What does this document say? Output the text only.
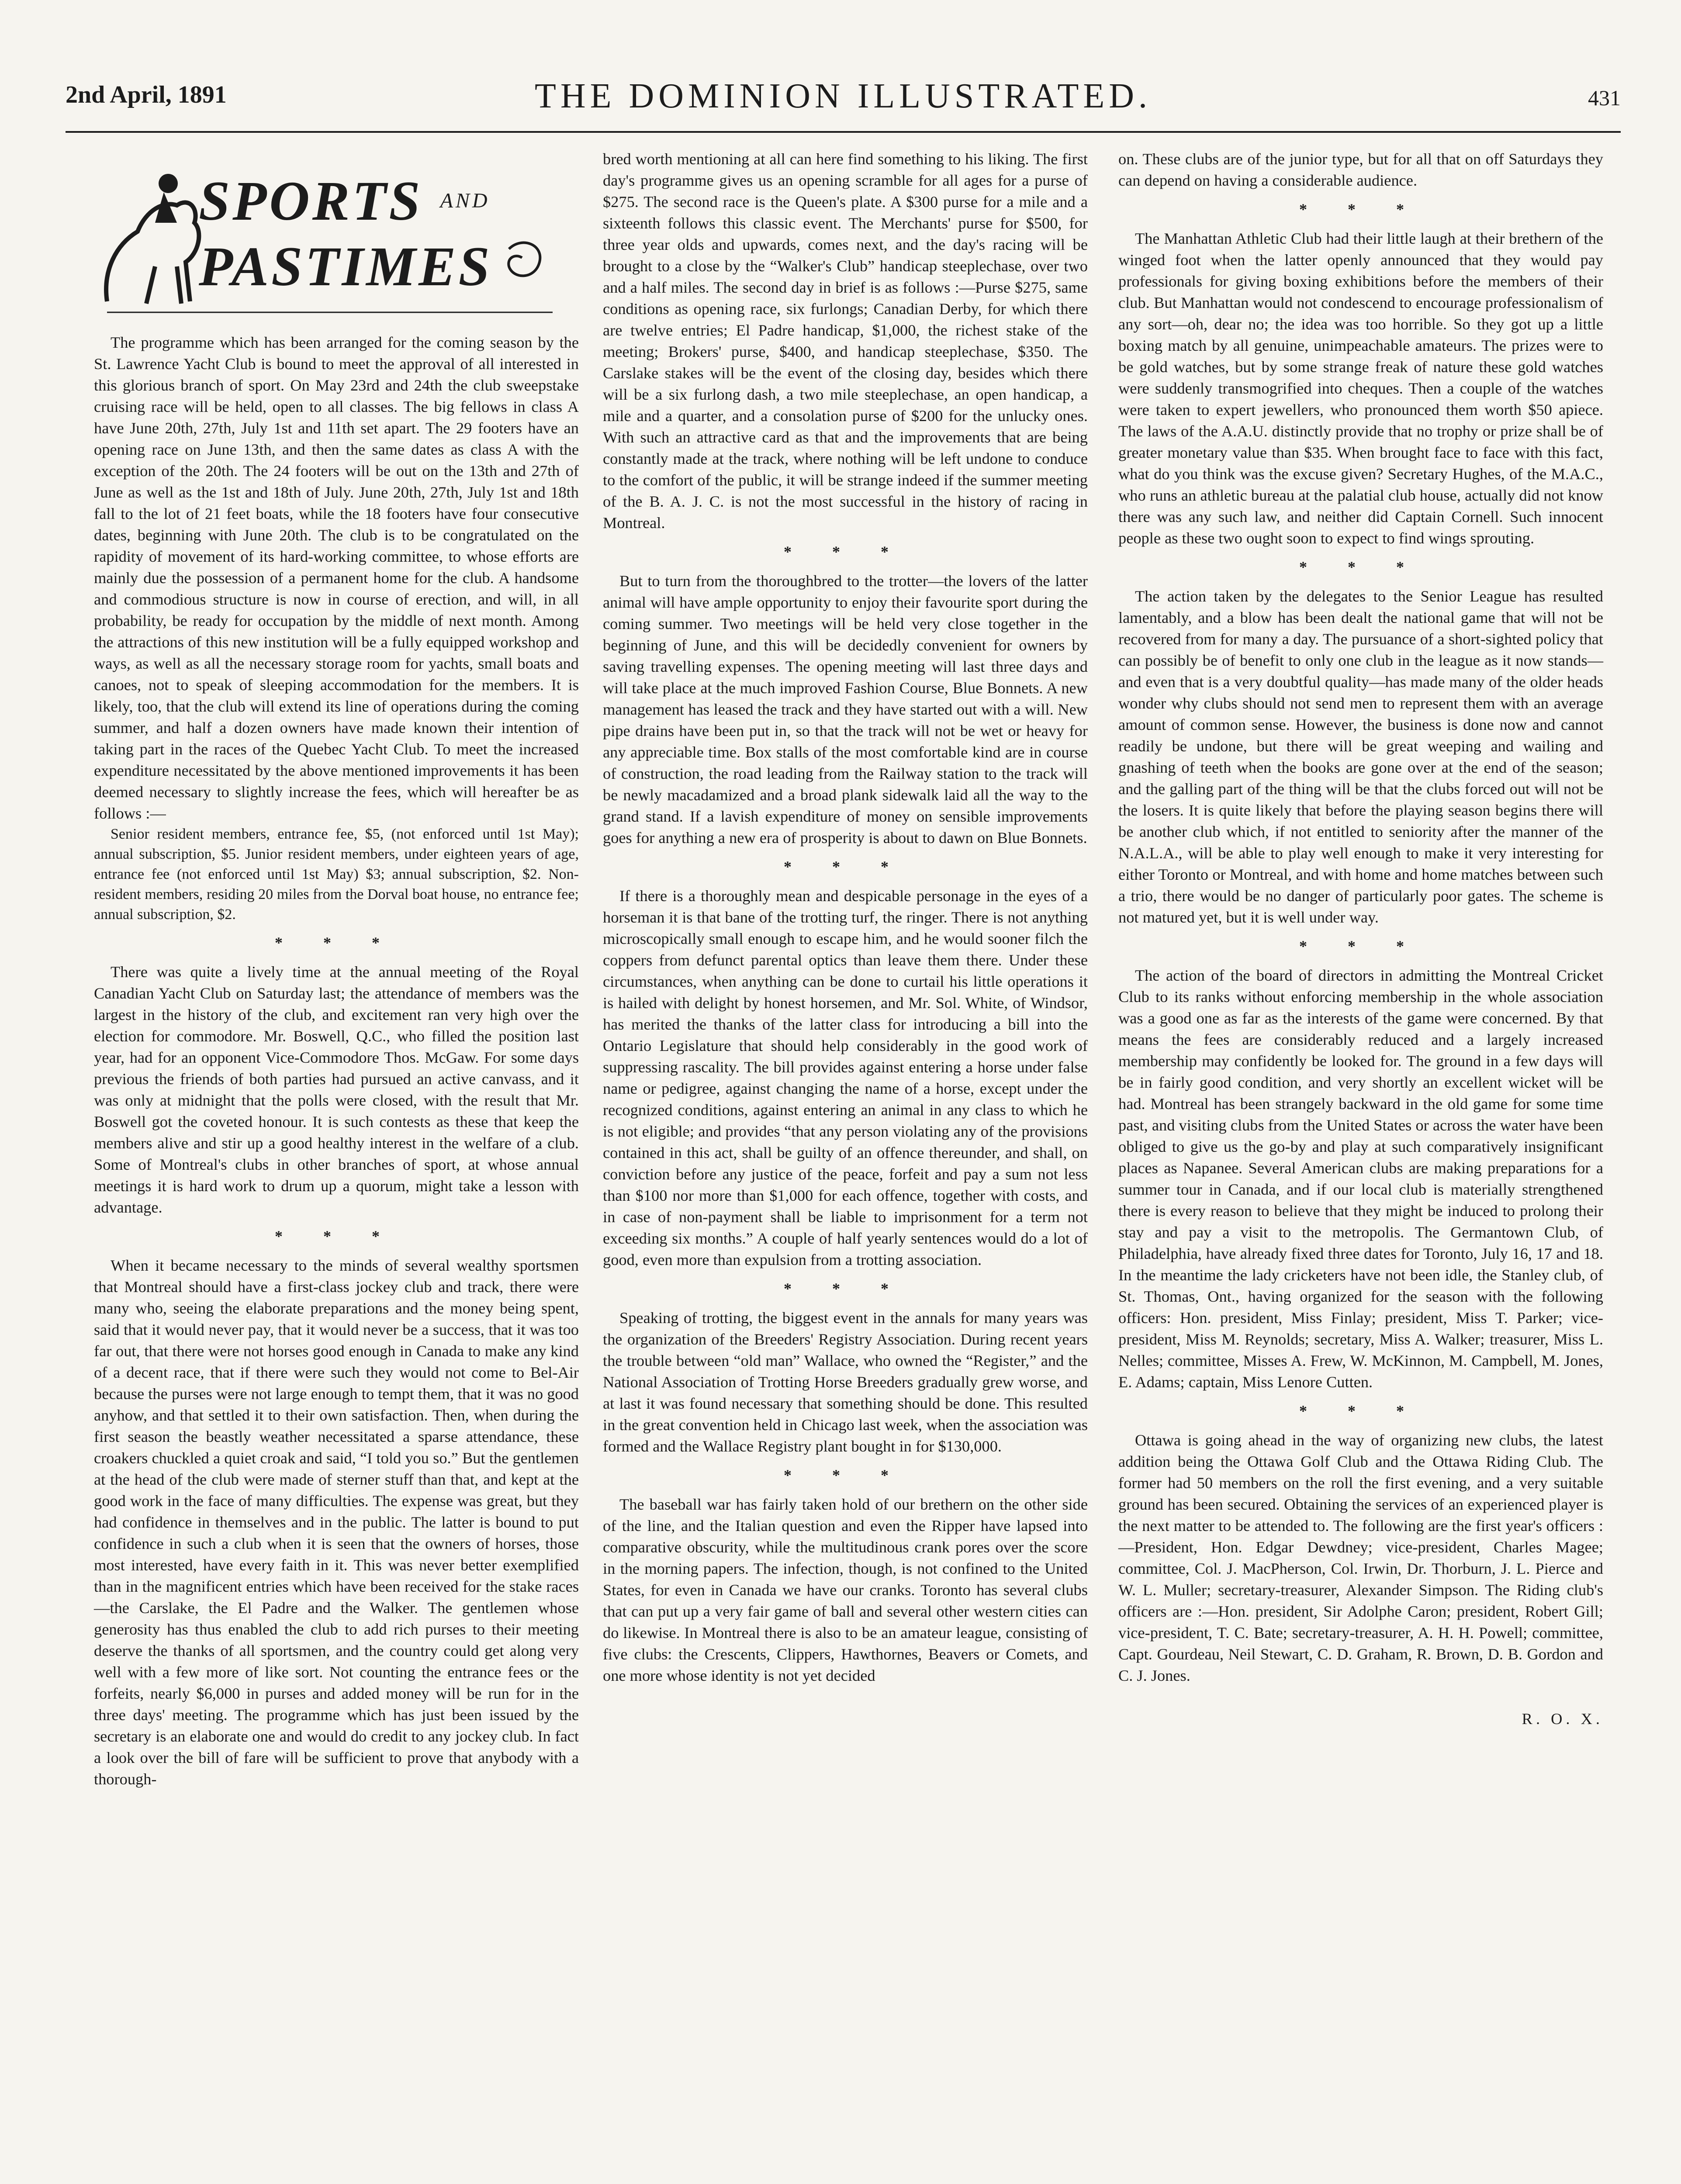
2nd April, 1891	THE DOMINION ILLUSTRATED.	431
SPORTS $^{AND}$
PASTIMES

The programme which has been arranged for the coming season by the St. Lawrence Yacht Club is bound to meet the approval of all interested in this glorious branch of sport. On May 23rd and 24th the club sweepstake cruising race will be held, open to all classes. The big fellows in class A have June 20th, 27th, July 1st and 11th set apart. The 29 footers have an opening race on June 13th, and then the same dates as class A with the exception of the 20th. The 24 footers will be out on the 13th and 27th of June as well as the 1st and 18th of July. June 20th, 27th, July 1st and 18th fall to the lot of 21 feet boats, while the 18 footers have four consecutive dates, beginning with June 20th. The club is to be congratulated on the rapidity of movement of its hard-working committee, to whose efforts are mainly due the possession of a permanent home for the club. A handsome and commodious structure is now in course of erection, and will, in all probability, be ready for occupation by the middle of next month. Among the attractions of this new institution will be a fully equipped workshop and ways, as well as all the necessary storage room for yachts, small boats and canoes, not to speak of sleeping accommodation for the members. It is likely, too, that the club will extend its line of operations during the coming summer, and half a dozen owners have made known their intention of taking part in the races of the Quebec Yacht Club. To meet the increased expenditure necessitated by the above mentioned improvements it has been deemed necessary to slightly increase the fees, which will hereafter be as follows :—

Senior resident members, entrance fee, $5, (not enforced until 1st May); annual subscription, $5. Junior resident members, under eighteen years of age, entrance fee (not enforced until 1st May) $3; annual subscription, $2. Non-resident members, residing 20 miles from the Dorval boat house, no entrance fee; annual subscription, $2.

* * *

There was quite a lively time at the annual meeting of the Royal Canadian Yacht Club on Saturday last; the attendance of members was the largest in the history of the club, and excitement ran very high over the election for commodore. Mr. Boswell, Q.C., who filled the position last year, had for an opponent Vice-Commodore Thos. McGaw. For some days previous the friends of both parties had pursued an active canvass, and it was only at midnight that the polls were closed, with the result that Mr. Boswell got the coveted honour. It is such contests as these that keep the members alive and stir up a good healthy interest in the welfare of a club. Some of Montreal's clubs in other branches of sport, at whose annual meetings it is hard work to drum up a quorum, might take a lesson with advantage.

* * *

When it became necessary to the minds of several wealthy sportsmen that Montreal should have a first-class jockey club and track, there were many who, seeing the elaborate preparations and the money being spent, said that it would never pay, that it would never be a success, that it was too far out, that there were not horses good enough in Canada to make any kind of a decent race, that if there were such they would not come to Bel-Air because the purses were not large enough to tempt them, that it was no good anyhow, and that settled it to their own satisfaction. Then, when during the first season the beastly weather necessitated a sparse attendance, these croakers chuckled a quiet croak and said, “I told you so.” But the gentlemen at the head of the club were made of sterner stuff than that, and kept at the good work in the face of many difficulties. The expense was great, but they had confidence in themselves and in the public. The latter is bound to put confidence in such a club when it is seen that the owners of horses, those most interested, have every faith in it. This was never better exemplified than in the magnificent entries which have been received for the stake races—the Carslake, the El Padre and the Walker. The gentlemen whose generosity has thus enabled the club to add rich purses to their meeting deserve the thanks of all sportsmen, and the country could get along very well with a few more of like sort. Not counting the entrance fees or the forfeits, nearly $6,000 in purses and added money will be run for in the three days' meeting. The programme which has just been issued by the secretary is an elaborate one and would do credit to any jockey club. In fact a look over the bill of fare will be sufficient to prove that anybody with a thorough-

bred worth mentioning at all can here find something to his liking. The first day's programme gives us an opening scramble for all ages for a purse of $275. The second race is the Queen's plate. A $300 purse for a mile and a sixteenth follows this classic event. The Merchants' purse for $500, for three year olds and upwards, comes next, and the day's racing will be brought to a close by the “Walker's Club” handicap steeplechase, over two and a half miles. The second day in brief is as follows :—Purse $275, same conditions as opening race, six furlongs; Canadian Derby, for which there are twelve entries; El Padre handicap, $1,000, the richest stake of the meeting; Brokers' purse, $400, and handicap steeplechase, $350. The Carslake stakes will be the event of the closing day, besides which there will be a six furlong dash, a two mile steeplechase, an open handicap, a mile and a quarter, and a consolation purse of $200 for the unlucky ones. With such an attractive card as that and the improvements that are being constantly made at the track, where nothing will be left undone to conduce to the comfort of the public, it will be strange indeed if the summer meeting of the B. A. J. C. is not the most successful in the history of racing in Montreal.

* * *

But to turn from the thoroughbred to the trotter—the lovers of the latter animal will have ample opportunity to enjoy their favourite sport during the coming summer. Two meetings will be held very close together in the beginning of June, and this will be decidedly convenient for owners by saving travelling expenses. The opening meeting will last three days and will take place at the much improved Fashion Course, Blue Bonnets. A new management has leased the track and they have started out with a will. New pipe drains have been put in, so that the track will not be wet or heavy for any appreciable time. Box stalls of the most comfortable kind are in course of construction, the road leading from the Railway station to the track will be newly macadamized and a broad plank sidewalk laid all the way to the grand stand. If a lavish expenditure of money on sensible improvements goes for anything a new era of prosperity is about to dawn on Blue Bonnets.

* * *

If there is a thoroughly mean and despicable personage in the eyes of a horseman it is that bane of the trotting turf, the ringer. There is not anything microscopically small enough to escape him, and he would sooner filch the coppers from defunct parental optics than leave them there. Under these circumstances, when anything can be done to curtail his little operations it is hailed with delight by honest horsemen, and Mr. Sol. White, of Windsor, has merited the thanks of the latter class for introducing a bill into the Ontario Legislature that should help considerably in the good work of suppressing rascality. The bill provides against entering a horse under false name or pedigree, against changing the name of a horse, except under the recognized conditions, against entering an animal in any class to which he is not eligible; and provides “that any person violating any of the provisions contained in this act, shall be guilty of an offence thereunder, and shall, on conviction before any justice of the peace, forfeit and pay a sum not less than $100 nor more than $1,000 for each offence, together with costs, and in case of non-payment shall be liable to imprisonment for a term not exceeding six months.” A couple of half yearly sentences would do a lot of good, even more than expulsion from a trotting association.

* * *

Speaking of trotting, the biggest event in the annals for many years was the organization of the Breeders' Registry Association. During recent years the trouble between “old man” Wallace, who owned the “Register,” and the National Association of Trotting Horse Breeders gradually grew worse, and at last it was found necessary that something should be done. This resulted in the great convention held in Chicago last week, when the association was formed and the Wallace Registry plant bought in for $130,000.

* * *

The baseball war has fairly taken hold of our brethern on the other side of the line, and the Italian question and even the Ripper have lapsed into comparative obscurity, while the multitudinous crank pores over the score in the morning papers. The infection, though, is not confined to the United States, for even in Canada we have our cranks. Toronto has several clubs that can put up a very fair game of ball and several other western cities can do likewise. In Montreal there is also to be an amateur league, consisting of five clubs: the Crescents, Clippers, Hawthornes, Beavers or Comets, and one more whose identity is not yet decided

on. These clubs are of the junior type, but for all that on off Saturdays they can depend on having a considerable audience.

* * *

The Manhattan Athletic Club had their little laugh at their brethern of the winged foot when the latter openly announced that they would pay professionals for giving boxing exhibitions before the members of their club. But Manhattan would not condescend to encourage professionalism of any sort—oh, dear no; the idea was too horrible. So they got up a little boxing match by all genuine, unimpeachable amateurs. The prizes were to be gold watches, but by some strange freak of nature these gold watches were suddenly transmogrified into cheques. Then a couple of the watches were taken to expert jewellers, who pronounced them worth $50 apiece. The laws of the A.A.U. distinctly provide that no trophy or prize shall be of greater monetary value than $35. When brought face to face with this fact, what do you think was the excuse given? Secretary Hughes, of the M.A.C., who runs an athletic bureau at the palatial club house, actually did not know there was any such law, and neither did Captain Cornell. Such innocent people as these two ought soon to expect to find wings sprouting.

* * *

The action taken by the delegates to the Senior League has resulted lamentably, and a blow has been dealt the national game that will not be recovered from for many a day. The pursuance of a short-sighted policy that can possibly be of benefit to only one club in the league as it now stands—and even that is a very doubtful quality—has made many of the older heads wonder why clubs should not send men to represent them with an average amount of common sense. However, the business is done now and cannot readily be undone, but there will be great weeping and wailing and gnashing of teeth when the books are gone over at the end of the season; and the galling part of the thing will be that the clubs forced out will not be the losers. It is quite likely that before the playing season begins there will be another club which, if not entitled to seniority after the manner of the N.A.L.A., will be able to play well enough to make it very interesting for either Toronto or Montreal, and with home and home matches between such a trio, there would be no danger of particularly poor gates. The scheme is not matured yet, but it is well under way.

* * *

The action of the board of directors in admitting the Montreal Cricket Club to its ranks without enforcing membership in the whole association was a good one as far as the interests of the game were concerned. By that means the fees are considerably reduced and a largely increased membership may confidently be looked for. The ground in a few days will be in fairly good condition, and very shortly an excellent wicket will be had. Montreal has been strangely backward in the old game for some time past, and visiting clubs from the United States or across the water have been obliged to give us the go-by and play at such comparatively insignificant places as Napanee. Several American clubs are making preparations for a summer tour in Canada, and if our local club is materially strengthened there is every reason to believe that they might be induced to prolong their stay and pay a visit to the metropolis. The Germantown Club, of Philadelphia, have already fixed three dates for Toronto, July 16, 17 and 18. In the meantime the lady cricketers have not been idle, the Stanley club, of St. Thomas, Ont., having organized for the season with the following officers: Hon. president, Miss Finlay; president, Miss T. Parker; vice-president, Miss M. Reynolds; secretary, Miss A. Walker; treasurer, Miss L. Nelles; committee, Misses A. Frew, W. McKinnon, M. Campbell, M. Jones, E. Adams; captain, Miss Lenore Cutten.

* * *

Ottawa is going ahead in the way of organizing new clubs, the latest addition being the Ottawa Golf Club and the Ottawa Riding Club. The former had 50 members on the roll the first evening, and a very suitable ground has been secured. Obtaining the services of an experienced player is the next matter to be attended to. The following are the first year's officers :—President, Hon. Edgar Dewdney; vice-president, Charles Magee; committee, Col. J. MacPherson, Col. Irwin, Dr. Thorburn, J. L. Pierce and W. L. Muller; secretary-treasurer, Alexander Simpson. The Riding club's officers are :—Hon. president, Sir Adolphe Caron; president, Robert Gill; vice-president, T. C. Bate; secretary-treasurer, A. H. H. Powell; committee, Capt. Gourdeau, Neil Stewart, C. D. Graham, R. Brown, D. B. Gordon and C. J. Jones.

R. O. X.
